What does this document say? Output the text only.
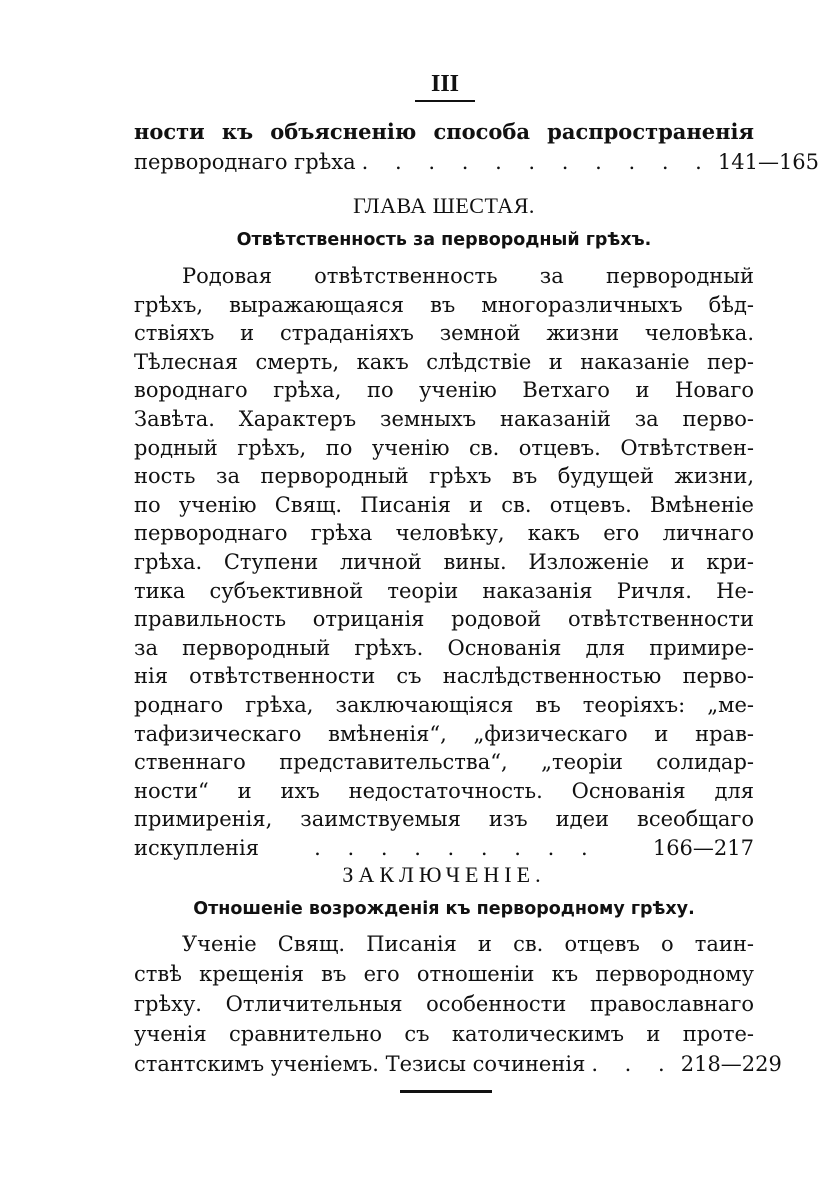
III
ности къ объясненію способа распространенія
первороднаго грѣха . . . . . . . . . . . 141—165
ГЛАВА ШЕСТАЯ.
Отвѣтственность за первородный грѣхъ.
Родовая отвѣтственность за первородный
грѣхъ, выражающаяся въ многоразличныхъ бѣд-
ствіяхъ и страданіяхъ земной жизни человѣка.
Тѣлесная смерть, какъ слѣдствіе и наказаніе пер-
вороднаго грѣха, по ученію Ветхаго и Новаго
Завѣта. Характеръ земныхъ наказаній за перво-
родный грѣхъ, по ученію св. отцевъ. Отвѣтствен-
ность за первородный грѣхъ въ будущей жизни,
по ученію Свящ. Писанія и св. отцевъ. Вмѣненіе
первороднаго грѣха человѣку, какъ его личнаго
грѣха. Ступени личной вины. Изложеніе и кри-
тика субъективной теоріи наказанія Ричля. Не-
правильность отрицанія родовой отвѣтственности
за первородный грѣхъ. Основанія для примире-
нія отвѣтственности съ наслѣдственностью перво-
роднаго грѣха, заключающіяся въ теоріяхъ: „ме-
тафизическаго вмѣненія“, „физическаго и нрав-
ственнаго представительства“, „теоріи солидар-
ности“ и ихъ недостаточность. Основанія для
примиренія, заимствуемыя изъ идеи всеобщаго
искупленія	. . . . . . . . .	166—217
ЗАКЛЮЧЕНІЕ.
Отношеніе возрожденія къ первородному грѣху.
Ученіе Свящ. Писанія и св. отцевъ о таин-
ствѣ крещенія въ его отношеніи къ первородному
грѣху. Отличительныя особенности православнаго
ученія сравнительно съ католическимъ и проте-
стантскимъ ученіемъ. Тезисы сочиненія . . . 218—229
